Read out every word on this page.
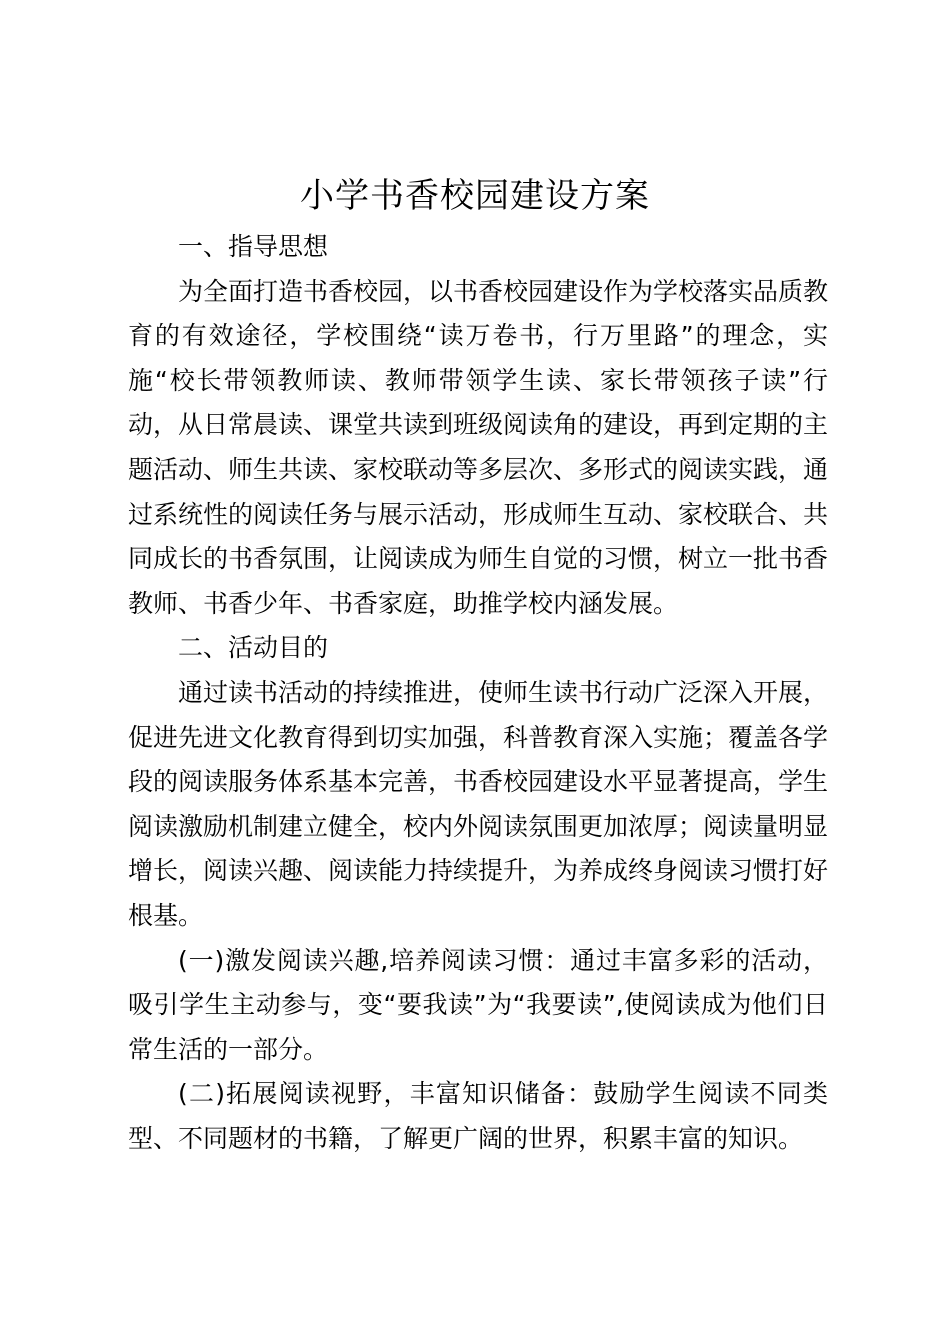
小学书香校园建设方案

一、指导思想

为全面打造书香校园，以书香校园建设作为学校落实品质教育的有效途径，学校围绕“读万卷书，行万里路”的理念，实施“校长带领教师读、教师带领学生读、家长带领孩子读”行动，从日常晨读、课堂共读到班级阅读角的建设，再到定期的主题活动、师生共读、家校联动等多层次、多形式的阅读实践，通过系统性的阅读任务与展示活动，形成师生互动、家校联合、共同成长的书香氛围，让阅读成为师生自觉的习惯，树立一批书香教师、书香少年、书香家庭，助推学校内涵发展。

二、活动目的

通过读书活动的持续推进，使师生读书行动广泛深入开展，促进先进文化教育得到切实加强，科普教育深入实施；覆盖各学段的阅读服务体系基本完善，书香校园建设水平显著提高，学生阅读激励机制建立健全，校内外阅读氛围更加浓厚；阅读量明显增长，阅读兴趣、阅读能力持续提升，为养成终身阅读习惯打好根基。

(一)激发阅读兴趣,培养阅读习惯：通过丰富多彩的活动，吸引学生主动参与，变“要我读”为“我要读”,使阅读成为他们日常生活的一部分。

(二)拓展阅读视野，丰富知识储备：鼓励学生阅读不同类型、不同题材的书籍，了解更广阔的世界，积累丰富的知识。
